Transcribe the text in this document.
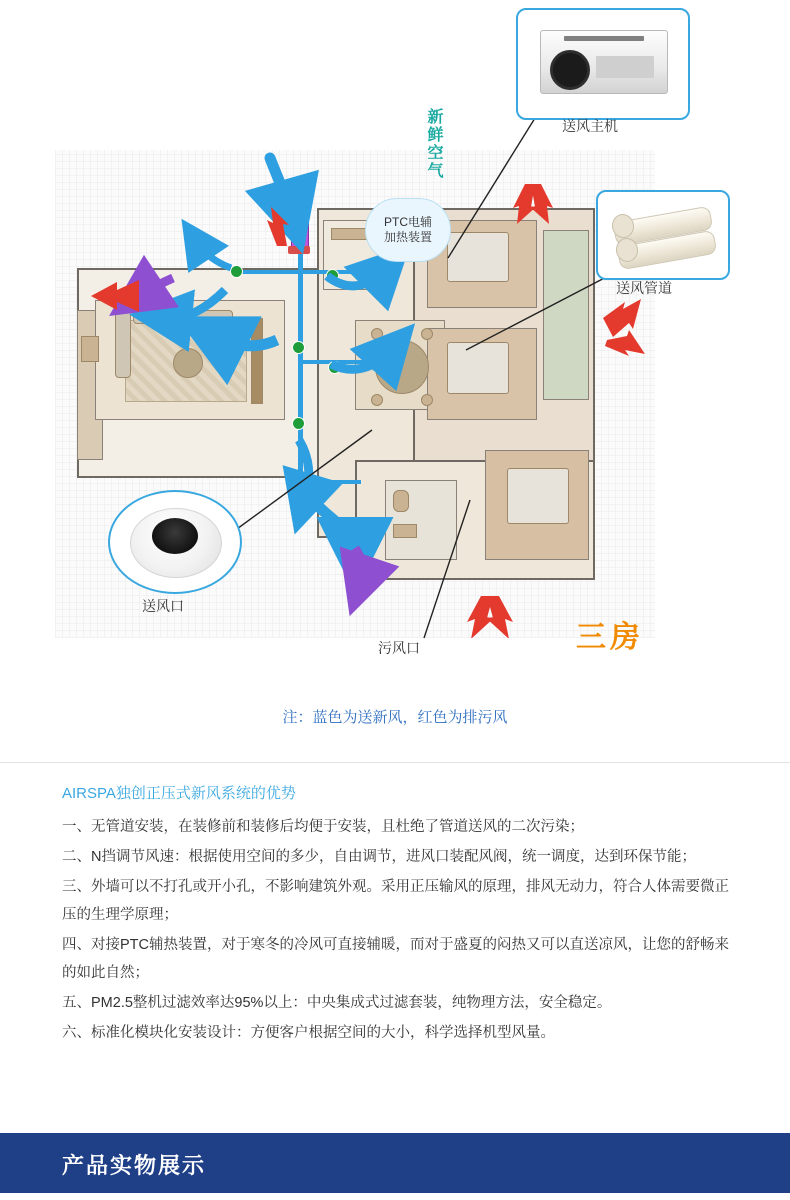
新鲜空气
PTC电辅
加热装置
送风主机
送风管道
送风口
污风口	三房
注：蓝色为送新风，红色为排污风
AIRSPA独创正压式新风系统的优势
一、无管道安装，在装修前和装修后均便于安装，且杜绝了管道送风的二次污染；
二、N挡调节风速：根据使用空间的多少，自由调节，进风口装配风阀，统一调度，达到环保节能；
三、外墙可以不打孔或开小孔，不影响建筑外观。采用正压输风的原理，排风无动力，符合人体需要微正压的生理学原理；
四、对接PTC辅热装置，对于寒冬的冷风可直接辅暖，而对于盛夏的闷热又可以直送凉风，让您的舒畅来的如此自然；
五、PM2.5整机过滤效率达95%以上：中央集成式过滤套装，纯物理方法，安全稳定。
六、标准化模块化安装设计：方便客户根据空间的大小，科学选择机型风量。
产品实物展示
